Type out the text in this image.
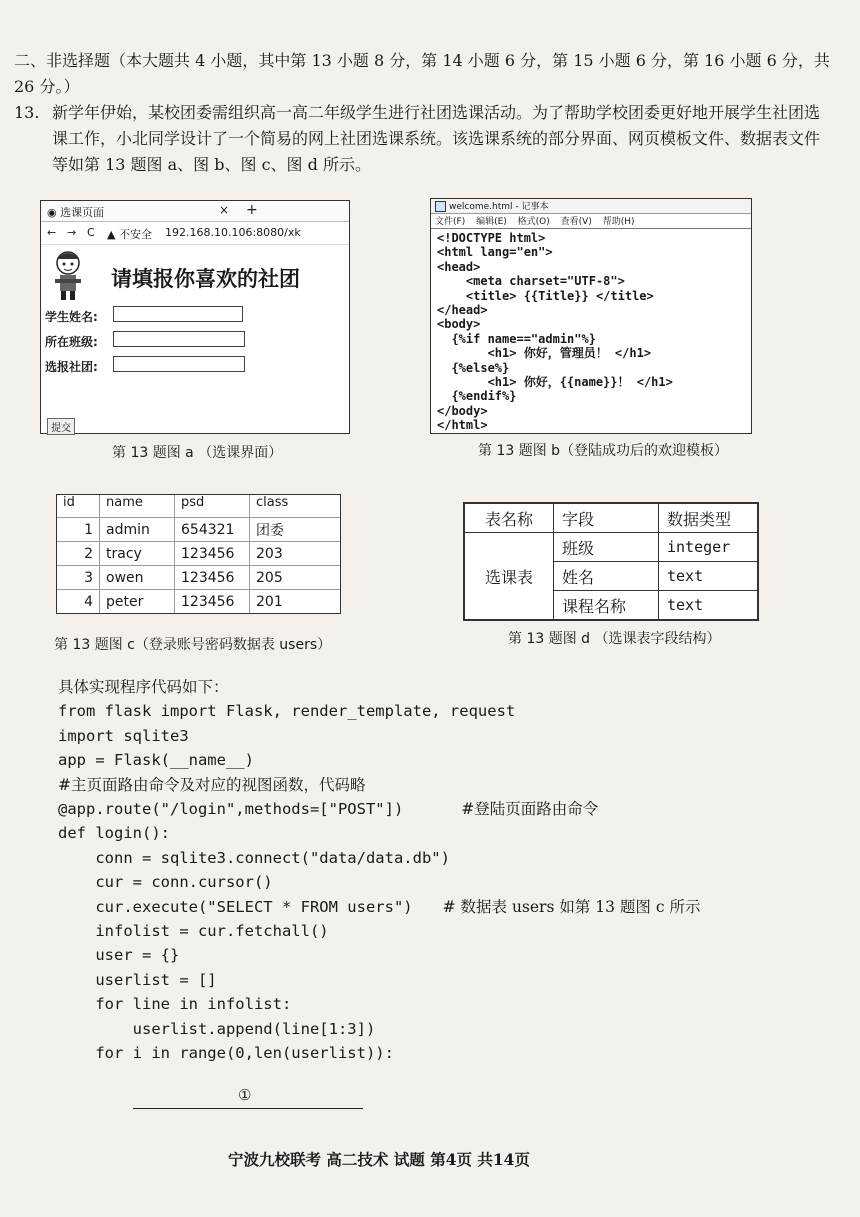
二、非选择题（本大题共 4 小题，其中第 13 小题 8 分，第 14 小题 6 分，第 15 小题 6 分，第 16 小题 6 分，共 26 分。）
13. 新学年伊始，某校团委需组织高一高二年级学生进行社团选课活动。为了帮助学校团委更好地开展学生社团选课工作，小北同学设计了一个简易的网上社团选课系统。该选课系统的部分界面、网页模板文件、数据表文件等如第 13 题图 a、图 b、图 c、图 d 所示。
◉ 选课页面	× +
← → C ▲ 不安全 192.168.10.106:8080/xk
请填报你喜欢的社团
学生姓名:
所在班级:
选报社团:
提交
第 13 题图 a （选课界面）
welcome.html - 记事本
文件(F) 编辑(E) 格式(O) 查看(V) 帮助(H)
<!DOCTYPE html>
<html lang="en">
<head>
<meta charset="UTF-8">
<title> {{Title}} </title>
</head>
<body>
{%if name=="admin"%}
<h1> 你好，管理员！ </h1>
{%else%}
<h1> 你好，{{name}}！ </h1>
{%endif%}
</body>
</html>
第 13 题图 b（登陆成功后的欢迎模板）
id	name	psd	class
1	admin	654321	团委
2	tracy	123456	203
3	owen	123456	205
4	peter	123456	201
第 13 题图 c（登录账号密码数据表 users）
表名称	字段	数据类型
选课表	班级	integer
	姓名	text
	课程名称	text
第 13 题图 d （选课表字段结构）
具体实现程序代码如下：
from flask import Flask, render_template, request
import sqlite3
app = Flask(__name__)
#主页面路由命令及对应的视图函数，代码略
@app.route("/login",methods=["POST"])	#登陆页面路由命令
def login():
conn = sqlite3.connect("data/data.db")
cur = conn.cursor()
cur.execute("SELECT * FROM users") # 数据表 users 如第 13 题图 c 所示
infolist = cur.fetchall()
user = {}
userlist = []
for line in infolist:
userlist.append(line[1:3])
for i in range(0,len(userlist)):
①
宁波九校联考 高二技术 试题 第4页 共14页
